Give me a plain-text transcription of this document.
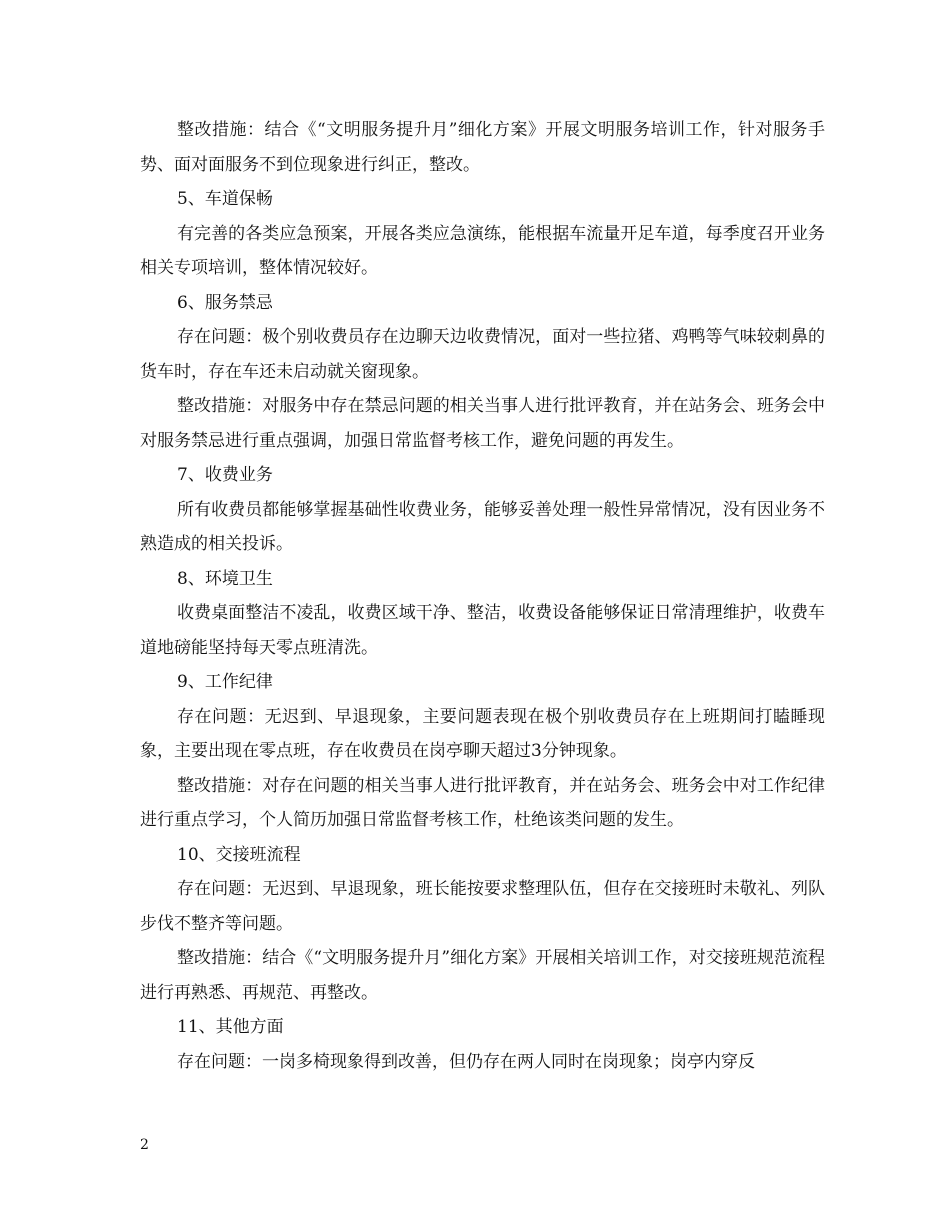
整改措施：结合《“文明服务提升月”细化方案》开展文明服务培训工作，针对服务手势、面对面服务不到位现象进行纠正，整改。

5、车道保畅

有完善的各类应急预案，开展各类应急演练，能根据车流量开足车道，每季度召开业务相关专项培训，整体情况较好。

6、服务禁忌

存在问题：极个别收费员存在边聊天边收费情况，面对一些拉猪、鸡鸭等气味较刺鼻的货车时，存在车还未启动就关窗现象。

整改措施：对服务中存在禁忌问题的相关当事人进行批评教育，并在站务会、班务会中对服务禁忌进行重点强调，加强日常监督考核工作，避免问题的再发生。

7、收费业务

所有收费员都能够掌握基础性收费业务，能够妥善处理一般性异常情况，没有因业务不熟造成的相关投诉。

8、环境卫生

收费桌面整洁不凌乱，收费区域干净、整洁，收费设备能够保证日常清理维护，收费车道地磅能坚持每天零点班清洗。

9、工作纪律

存在问题：无迟到、早退现象，主要问题表现在极个别收费员存在上班期间打瞌睡现象，主要出现在零点班，存在收费员在岗亭聊天超过3分钟现象。

整改措施：对存在问题的相关当事人进行批评教育，并在站务会、班务会中对工作纪律进行重点学习，个人简历加强日常监督考核工作，杜绝该类问题的发生。

10、交接班流程

存在问题：无迟到、早退现象，班长能按要求整理队伍，但存在交接班时未敬礼、列队步伐不整齐等问题。

整改措施：结合《“文明服务提升月”细化方案》开展相关培训工作，对交接班规范流程进行再熟悉、再规范、再整改。

11、其他方面

存在问题：一岗多椅现象得到改善，但仍存在两人同时在岗现象；岗亭内穿反

2
